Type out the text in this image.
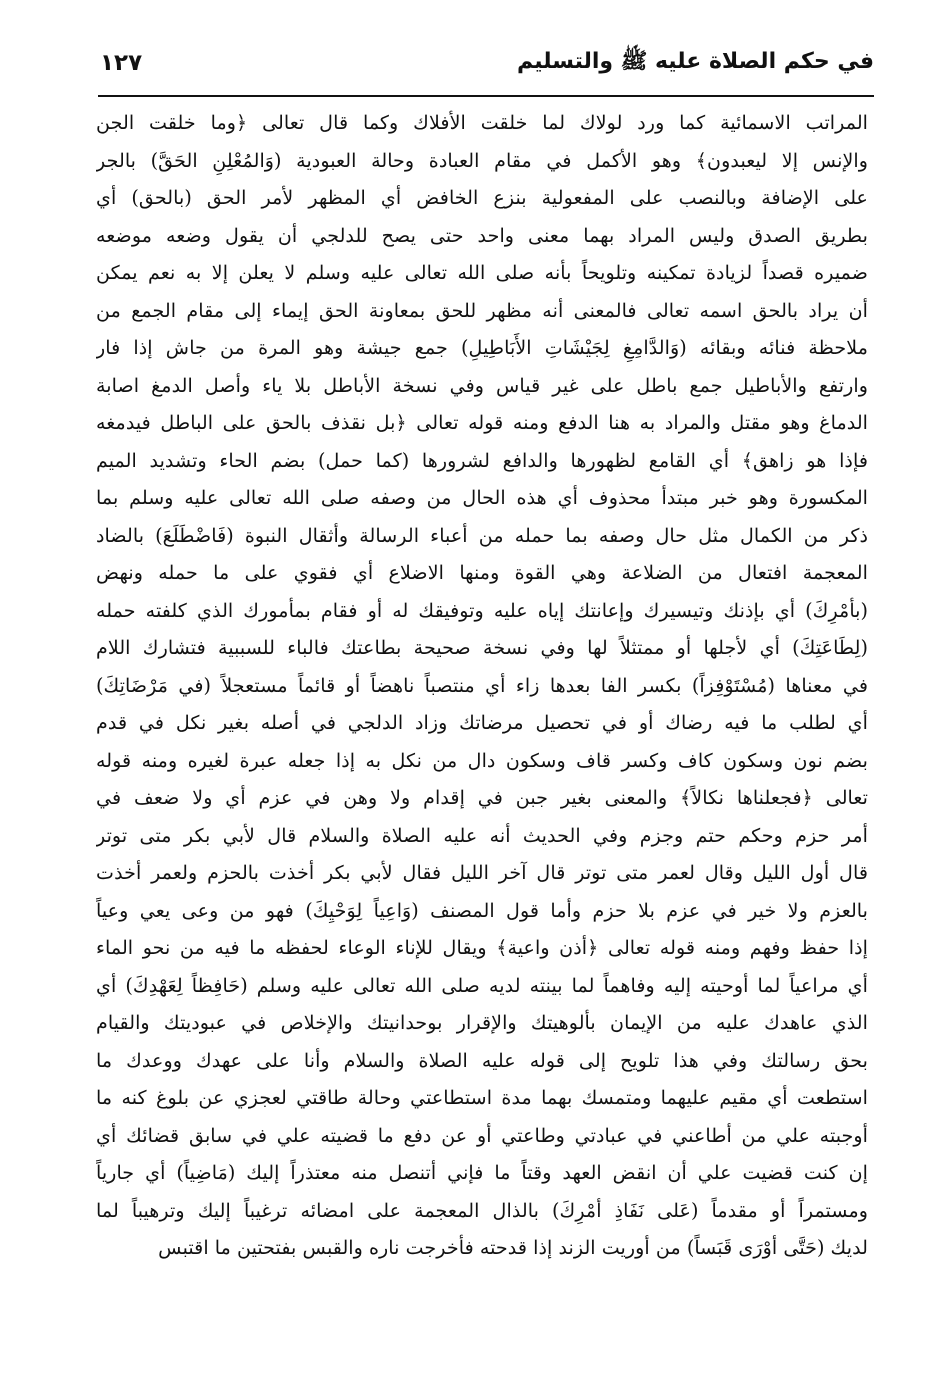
في حكم الصلاة عليه ﷺ والتسليم
١٢٧
المراتب الاسمائية كما ورد لولاك لما خلقت الأفلاك وكما قال تعالى ﴿وما خلقت الجن
والإنس إلا ليعبدون﴾ وهو الأكمل في مقام العبادة وحالة العبودية (وَالمُعْلِنِ الحَقَّ) بالجر
على الإضافة وبالنصب على المفعولية بنزع الخافض أي المظهر لأمر الحق (بالحق) أي
بطريق الصدق وليس المراد بهما معنى واحد حتى يصح للدلجي أن يقول وضعه موضعه
ضميره قصداً لزيادة تمكينه وتلويحاً بأنه صلى الله تعالى عليه وسلم لا يعلن إلا به نعم يمكن
أن يراد بالحق اسمه تعالى فالمعنى أنه مظهر للحق بمعاونة الحق إيماء إلى مقام الجمع من
ملاحظة فنائه وبقائه (وَالدَّامِغِ لِجَيْشَاتِ الأَبَاطِيلِ) جمع جيشة وهو المرة من جاش إذا فار
وارتفع والأباطيل جمع باطل على غير قياس وفي نسخة الأباطل بلا ياء وأصل الدمغ اصابة
الدماغ وهو مقتل والمراد به هنا الدفع ومنه قوله تعالى ﴿بل نقذف بالحق على الباطل فيدمغه
فإذا هو زاهق﴾ أي القامع لظهورها والدافع لشرورها (كما حمل) بضم الحاء وتشديد الميم
المكسورة وهو خبر مبتدأ محذوف أي هذه الحال من وصفه صلى الله تعالى عليه وسلم بما
ذكر من الكمال مثل حال وصفه بما حمله من أعباء الرسالة وأثقال النبوة (فَاضْطَلَعَ) بالضاد
المعجمة افتعال من الضلاعة وهي القوة ومنها الاضلاع أي فقوي على ما حمله ونهض
(بأمْرِكَ) أي بإذنك وتيسيرك وإعانتك إياه عليه وتوفيقك له أو فقام بمأمورك الذي كلفته حمله
(لِطَاعَتِكَ) أي لأجلها أو ممتثلاً لها وفي نسخة صحيحة بطاعتك فالباء للسببية فتشارك اللام
في معناها (مُسْتَوْفِزاً) بكسر الفا بعدها زاء أي منتصباً ناهضاً أو قائماً مستعجلاً (في مَرْضَاتِكَ)
أي لطلب ما فيه رضاك أو في تحصيل مرضاتك وزاد الدلجي في أصله بغير نكل في قدم
بضم نون وسكون كاف وكسر قاف وسكون دال من نكل به إذا جعله عبرة لغيره ومنه قوله
تعالى ﴿فجعلناها نكالاً﴾ والمعنى بغير جبن في إقدام ولا وهن في عزم أي ولا ضعف في
أمر حزم وحكم حتم وجزم وفي الحديث أنه عليه الصلاة والسلام قال لأبي بكر متى توتر
قال أول الليل وقال لعمر متى توتر قال آخر الليل فقال لأبي بكر أخذت بالحزم ولعمر أخذت
بالعزم ولا خير في عزم بلا حزم وأما قول المصنف (وَاعِياً لِوَحْيِكَ) فهو من وعى يعي وعياً
إذا حفظ وفهم ومنه قوله تعالى ﴿أذن واعية﴾ ويقال للإناء الوعاء لحفظه ما فيه من نحو الماء
أي مراعياً لما أوحيته إليه وفاهماً لما بينته لديه صلى الله تعالى عليه وسلم (حَافِظاً لِعَهْدِكَ) أي
الذي عاهدك عليه من الإيمان بألوهيتك والإقرار بوحدانيتك والإخلاص في عبوديتك والقيام
بحق رسالتك وفي هذا تلويح إلى قوله عليه الصلاة والسلام وأنا على عهدك ووعدك ما
استطعت أي مقيم عليهما ومتمسك بهما مدة استطاعتي وحالة طاقتي لعجزي عن بلوغ كنه ما
أوجبته علي من أطاعني في عبادتي وطاعتي أو عن دفع ما قضيته علي في سابق قضائك أي
إن كنت قضيت علي أن انقض العهد وقتاً ما فإني أتنصل منه معتذراً إليك (مَاضِياً) أي جارياً
ومستمراً أو مقدماً (عَلى نَفَاذِ أمْرِكَ) بالذال المعجمة على امضائه ترغيباً إليك وترهيباً لما
لديك (حَتَّى أوْرَى قَبَساً) من أوريت الزند إذا قدحته فأخرجت ناره والقبس بفتحتين ما اقتبس
